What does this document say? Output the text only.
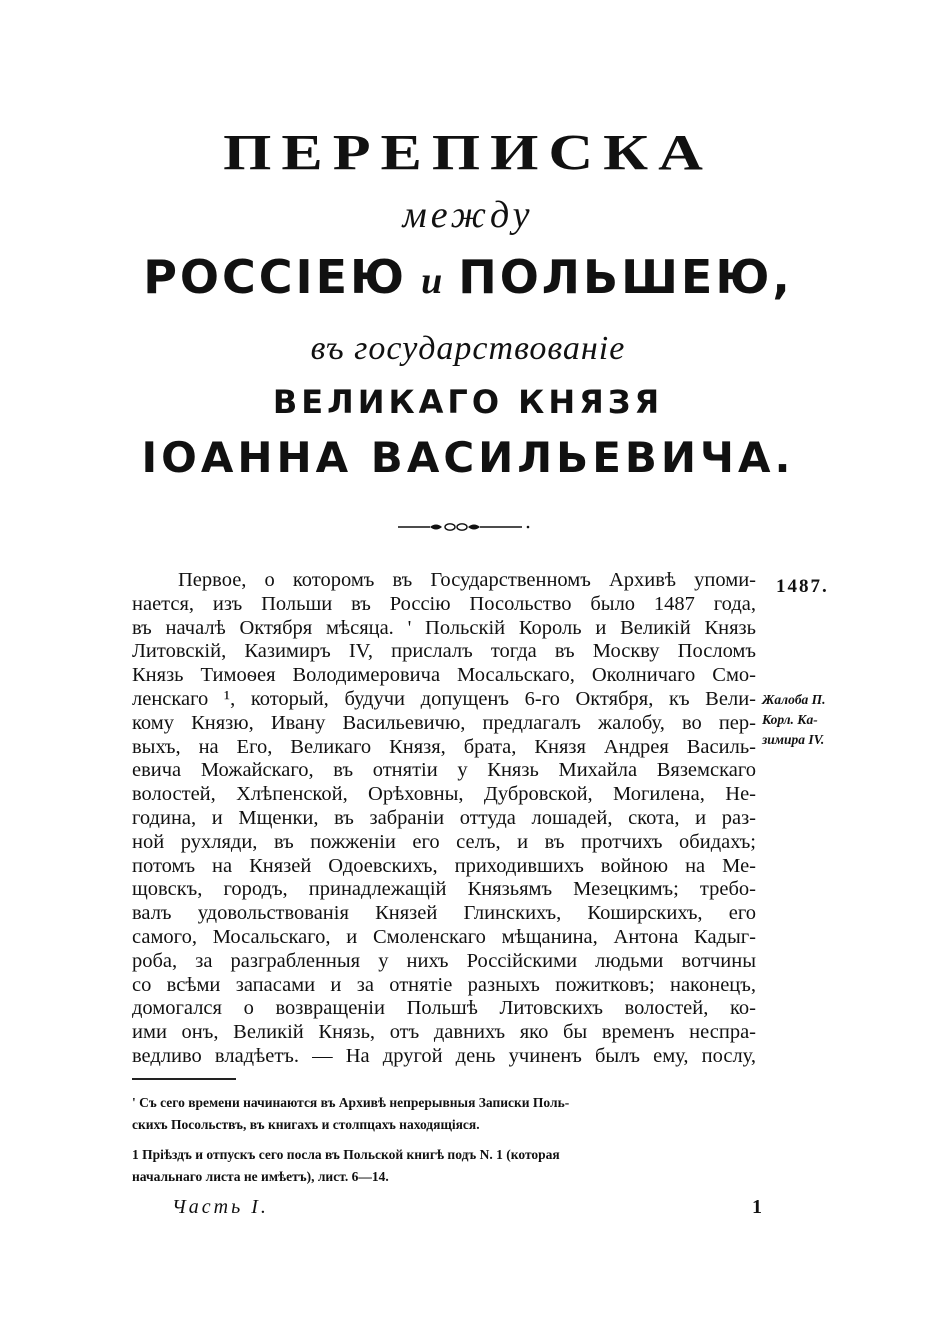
ПЕРЕПИСКА
между
РОССІЕЮ и ПОЛЬШЕЮ,
въ государствованіе
ВЕЛИКАГО КНЯЗЯ
ІОАННА ВАСИЛЬЕВИЧА.
Первое, о которомъ въ Государственномъ Архивѣ упоми-
нается, изъ Польши въ Россію Посольство было 1487 года,
въ началѣ Октября мѣсяца. ' Польскій Король и Великій Князь
Литовскій, Казимиръ IV, прислалъ тогда въ Москву Посломъ
Князь Тимоѳея Володимеровича Мосальскаго, Околничаго Смо-
ленскаго ¹, который, будучи допущенъ 6-го Октября, къ Вели-
кому Князю, Ивану Васильевичю, предлагалъ жалобу, во пер-
выхъ, на Его, Великаго Князя, брата, Князя Андрея Василь-
евича Можайскаго, въ отнятіи у Князь Михайла Вяземскаго
волостей, Хлѣпенской, Орѣховны, Дубровской, Могилена, Не-
година, и Мщенки, въ забраніи оттуда лошадей, скота, и раз-
ной рухляди, въ пожженіи его селъ, и въ протчихъ обидахъ;
потомъ на Князей Одоевскихъ, приходившихъ войною на Ме-
щовскъ, городъ, принадлежащій Князьямъ Мезецкимъ; требо-
валъ удовольствованія Князей Глинскихъ, Коширскихъ, его
самого, Мосальскаго, и Смоленскаго мѣщанина, Антона Кадыг-
роба, за разграбленныя у нихъ Россійскими людьми вотчины
со всѣми запасами и за отнятіе разныхъ пожитковъ; наконецъ,
домогался о возвращеніи Польшѣ Литовскихъ волостей, ко-
ими онъ, Великій Князь, отъ давнихъ яко бы временъ неспра-
ведливо владѣетъ. — На другой день учиненъ былъ ему, послу,
1487.
Жалоба П.
Корл. Ка-
зимира IV.
' Съ сего времени начинаются въ Архивѣ непрерывныя Записки Поль-
скихъ Посольствъ, въ книгахъ и столпцахъ находящіяся.
1 Пріѣздъ и отпускъ сего посла въ Польской книгѣ подъ N. 1 (которая
начальнаго листа не имѣетъ), лист. 6—14.
Часть I.	1
